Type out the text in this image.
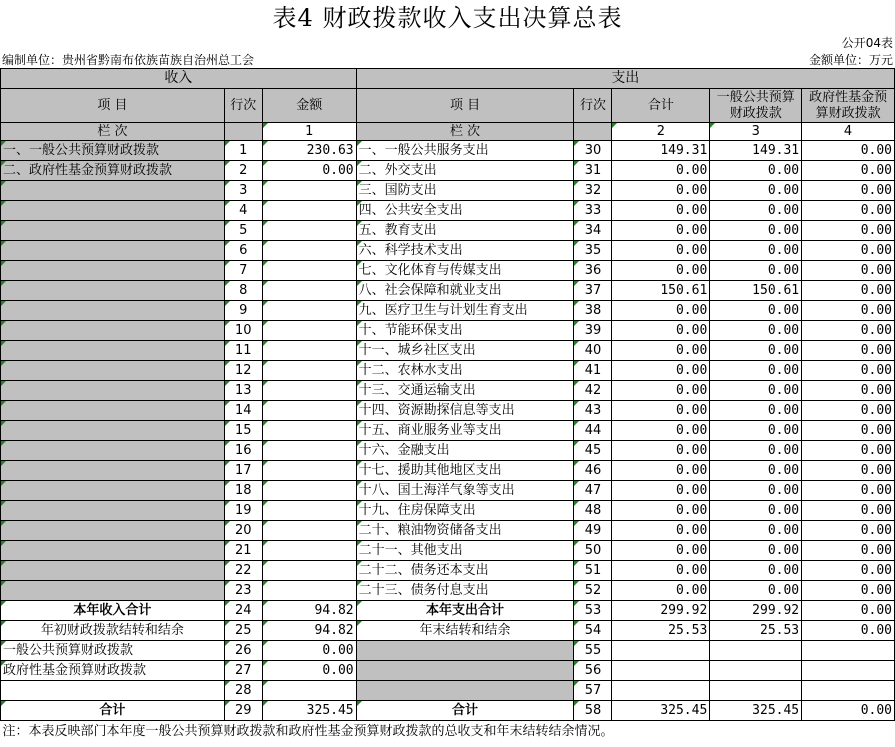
表4 财政拨款收入支出决算总表
公开04表
编制单位：贵州省黔南布依族苗族自治州总工会	金额单位：万元
收入			支出				
项 目	行次	金额	项 目	行次	合计	一般公共预算财政拨款	政府性基金预算财政拨款
栏 次		1	栏 次		2	3	4
一、一般公共预算财政拨款	1	230.63	一、一般公共服务支出	30	149.31	149.31	0.00
二、政府性基金预算财政拨款	2	0.00	二、外交支出	31	0.00	0.00	0.00
	3		三、国防支出	32	0.00	0.00	0.00
	4		四、公共安全支出	33	0.00	0.00	0.00
	5		五、教育支出	34	0.00	0.00	0.00
	6		六、科学技术支出	35	0.00	0.00	0.00
	7		七、文化体育与传媒支出	36	0.00	0.00	0.00
	8		八、社会保障和就业支出	37	150.61	150.61	0.00
	9		九、医疗卫生与计划生育支出	38	0.00	0.00	0.00
	10		十、节能环保支出	39	0.00	0.00	0.00
	11		十一、城乡社区支出	40	0.00	0.00	0.00
	12		十二、农林水支出	41	0.00	0.00	0.00
	13		十三、交通运输支出	42	0.00	0.00	0.00
	14		十四、资源勘探信息等支出	43	0.00	0.00	0.00
	15		十五、商业服务业等支出	44	0.00	0.00	0.00
	16		十六、金融支出	45	0.00	0.00	0.00
	17		十七、援助其他地区支出	46	0.00	0.00	0.00
	18		十八、国土海洋气象等支出	47	0.00	0.00	0.00
	19		十九、住房保障支出	48	0.00	0.00	0.00
	20		二十、粮油物资储备支出	49	0.00	0.00	0.00
	21		二十一、其他支出	50	0.00	0.00	0.00
	22		二十二、债务还本支出	51	0.00	0.00	0.00
	23		二十三、债务付息支出	52	0.00	0.00	0.00
本年收入合计	24	94.82	本年支出合计	53	299.92	299.92	0.00
年初财政拨款结转和结余	25	94.82	年末结转和结余	54	25.53	25.53	0.00
一般公共预算财政拨款	26	0.00		55			
政府性基金预算财政拨款	27	0.00		56			
	28			57			
合计	29	325.45	合计	58	325.45	325.45	0.00
注：本表反映部门本年度一般公共预算财政拨款和政府性基金预算财政拨款的总收支和年末结转结余情况。							
